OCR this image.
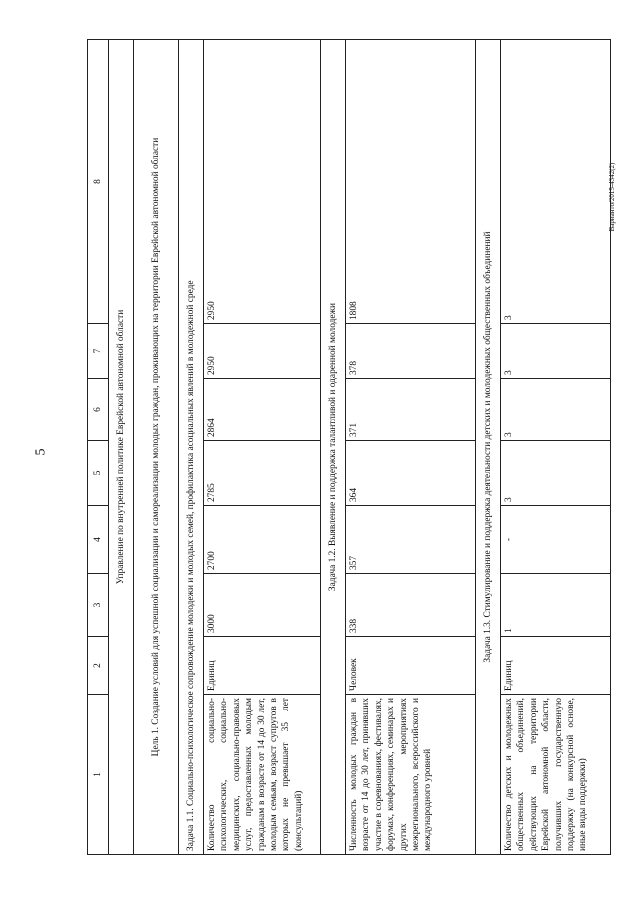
5
Варианто/2015-4342(2)
1	2	3	4	5	6	7	8
Управление по внутренней политике Еврейской автономной области							
Цель 1. Создание условий для успешной социализации и самореализации молодых граждан, проживающих на территории Еврейской автономной области							
Задача 1.1. Социально-психологическое сопровождение молодежи и молодых семей, профилактика асоциальных явлений в молодежной среде							
Количество социально-психологических, социально-медицинских, социально-правовых услуг, предоставленных молодым гражданам в возрасте от 14 до 30 лет, молодым семьям, возраст супругов в которых не превышает 35 лет (консультаций)	Единиц	3000	2700	2785	2864	2950	2950
Задача 1.2. Выявление и поддержка талантливой и одаренной молодежи							
Численность молодых граждан в возрасте от 14 до 30 лет, принявших участие в соревнованиях, фестивалях, форумах, конференциях, семинарах и других мероприятиях межрегионального, всероссийского и международного уровней	Человек	338	357	364	371	378	1808
Задача 1.3. Стимулирование и поддержка деятельности детских и молодежных общественных объединений							
Количество детских и молодежных общественных объединений, действующих на территории Еврейской автономной области, получивших государственную поддержку (на конкурсной основе, иные виды поддержки)	Единиц	1	-	3	3	3	3
